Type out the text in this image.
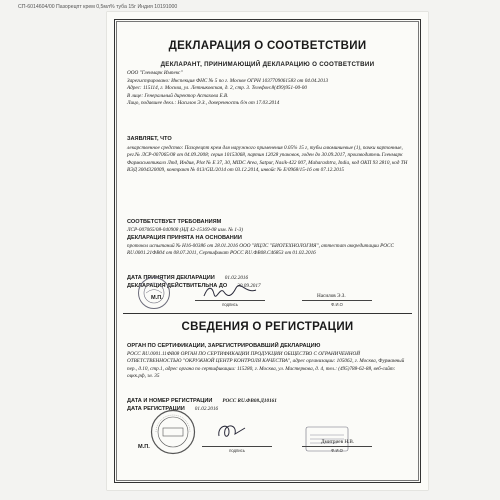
СП-6014604/00 Пазорецпт крем 0,5мл% туба 15г Индия 10191000
ДЕКЛАРАЦИЯ О СООТВЕТСТВИИ
ДЕКЛАРАНТ, ПРИНИМАЮЩИЙ ДЕКЛАРАЦИЮ О СООТВЕТСТВИИ
ООО "Гленмарк Импекс"
Зарегистрировано: Инспекция ФНС № 5 по г. Москве ОГРН 1037709061583 от 04.04.2013
Адрес: 115114, г. Москва, ул. Летниковская, д. 2, стр. 3. Телефон:8(499)951-00-00
В лице: Генеральный директор Астахова Е.В.
Лицо, подавшее декл.: Насилов Э.З., доверенность б/н от 17.03.2014
ЗАЯВЛЯЕТ, ЧТО
лекарственное средство: Пазорецпт крем для наружного применения 0.05% 15 г, тубы алюминиевые (1), пачки картонные, рег.№ ЛСР-007065/08 от 04.09.2008; серия 10153068, партия 12028 упаковок, годен до 30.09.2017, производитель Гленмарк Фармасьютикалз Лтд, Индия, Plot № Е 37, 30, MIDC Area, Satpur, Nasik-422 007, Maharashtra, India, код ОКП 93 2810, код ТН ВЭД 3004320009, контракт № 013/GIL/2014 от 03.12.2014, инвойс № E/0968/15-16 от 07.12.2015
СООТВЕТСТВУЕТ ТРЕБОВАНИЯМ
ЛСР-007065/08-040908 (НД 42-15169-08 изм. № 1-3)
ДЕКЛАРАЦИЯ ПРИНЯТА НА ОСНОВАНИИ
протокол испытаний № Н16-00386 от 28.01.2016 ООО "ИЦЛС "БИОТЕХНОЛОГИЯ", аттестат аккредитации РОСС RU.0001.21ФВ04 от 08.07.2011, Сертификат РОСС RU.ФВ08.С46853 от 01.02.2016
ДАТА ПРИНЯТИЯ ДЕКЛАРАЦИИ 01.02.2016
ДЕКЛАРАЦИЯ ДЕЙСТВИТЕЛЬНА ДО 30.09.2017
М.П.
подпись
Насилов Э.З.
Ф.И.О
СВЕДЕНИЯ О РЕГИСТРАЦИИ
ОРГАН ПО СЕРТИФИКАЦИИ, ЗАРЕГИСТРИРОВАВШИЙ ДЕКЛАРАЦИЮ
РОСС RU.0001.11ФВ08 ОРГАН ПО СЕРТИФИКАЦИИ ПРОДУКЦИИ ОБЩЕСТВО С ОГРАНИЧЕННОЙ ОТВЕТСТВЕННОСТЬЮ "ОКРУЖНОЙ ЦЕНТР КОНТРОЛЯ КАЧЕСТВА", адрес организации: 105062, г. Москва, Фурманный пер., д.10, стр.1, адрес органа по сертификации: 115280, г. Москва, ул. Мастеркова, д. 4, тел.: (495)788-62-88, веб-сайт: оцкк.рф, эл. 35
ДАТА И НОМЕР РЕГИСТРАЦИИ РОСС RU.ФВ08.Д10161
ДАТА РЕГИСТРАЦИИ 01.02.2016
М.П.
подпись
Дмитриев Н.В.
Ф.И.О
